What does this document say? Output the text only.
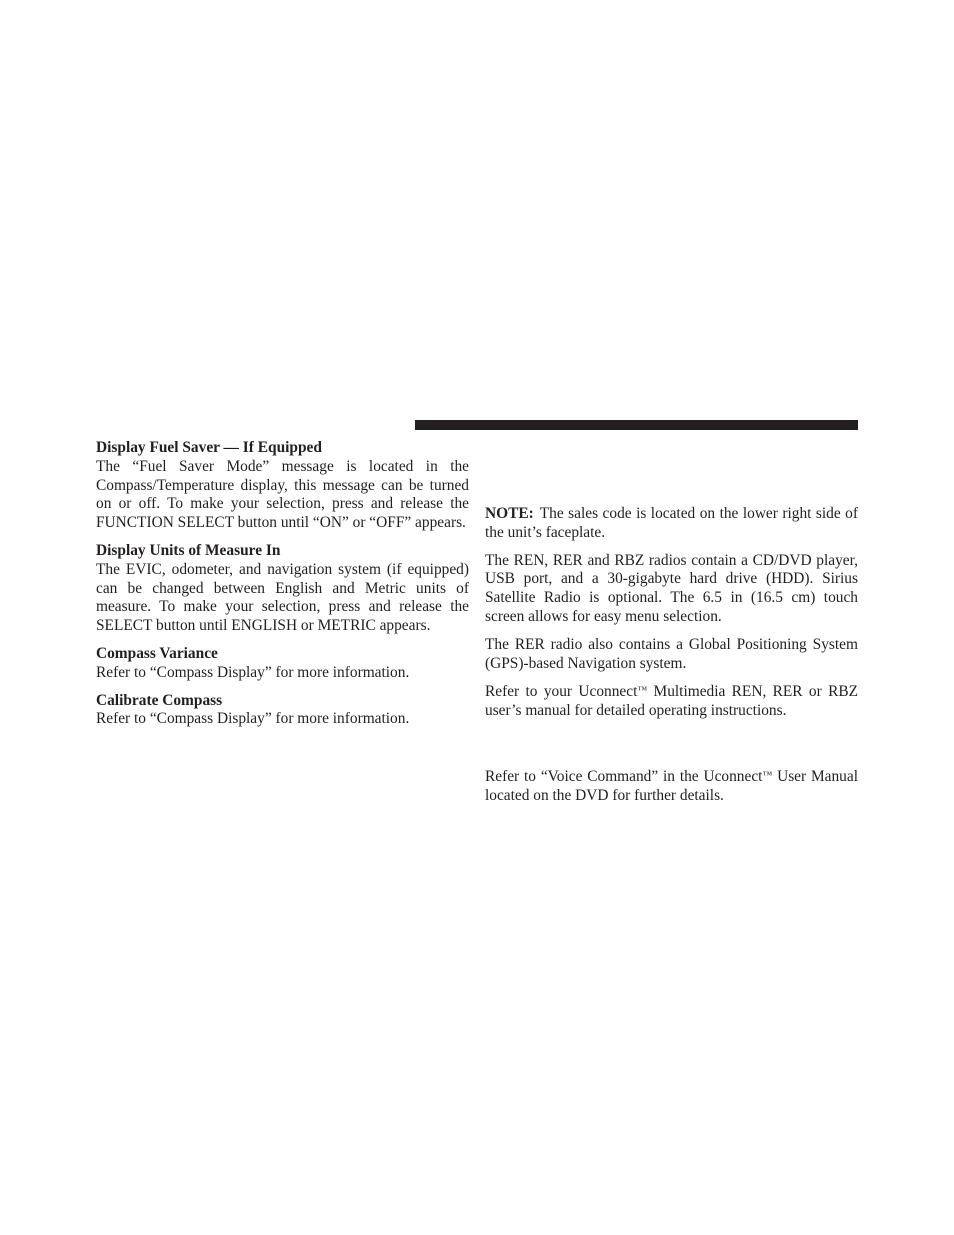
Display Fuel Saver — If Equipped

The “Fuel Saver Mode” message is located in the Compass/Temperature display, this message can be turned on or off. To make your selection, press and release the FUNCTION SELECT button until “ON” or “OFF” appears.

Display Units of Measure In

The EVIC, odometer, and navigation system (if equipped) can be changed between English and Metric units of measure. To make your selection, press and release the SELECT button until ENGLISH or METRIC appears.

Compass Variance

Refer to “Compass Display” for more information.

Calibrate Compass

Refer to “Compass Display” for more information.

NOTE: The sales code is located on the lower right side of the unit’s faceplate.

The REN, RER and RBZ radios contain a CD/DVD player, USB port, and a 30-gigabyte hard drive (HDD). Sirius Satellite Radio is optional. The 6.5 in (16.5 cm) touch screen allows for easy menu selection.

The RER radio also contains a Global Positioning System (GPS)-based Navigation system.

Refer to your Uconnect™ Multimedia REN, RER or RBZ user’s manual for detailed operating instructions.

Refer to “Voice Command” in the Uconnect™ User Manual located on the DVD for further details.
